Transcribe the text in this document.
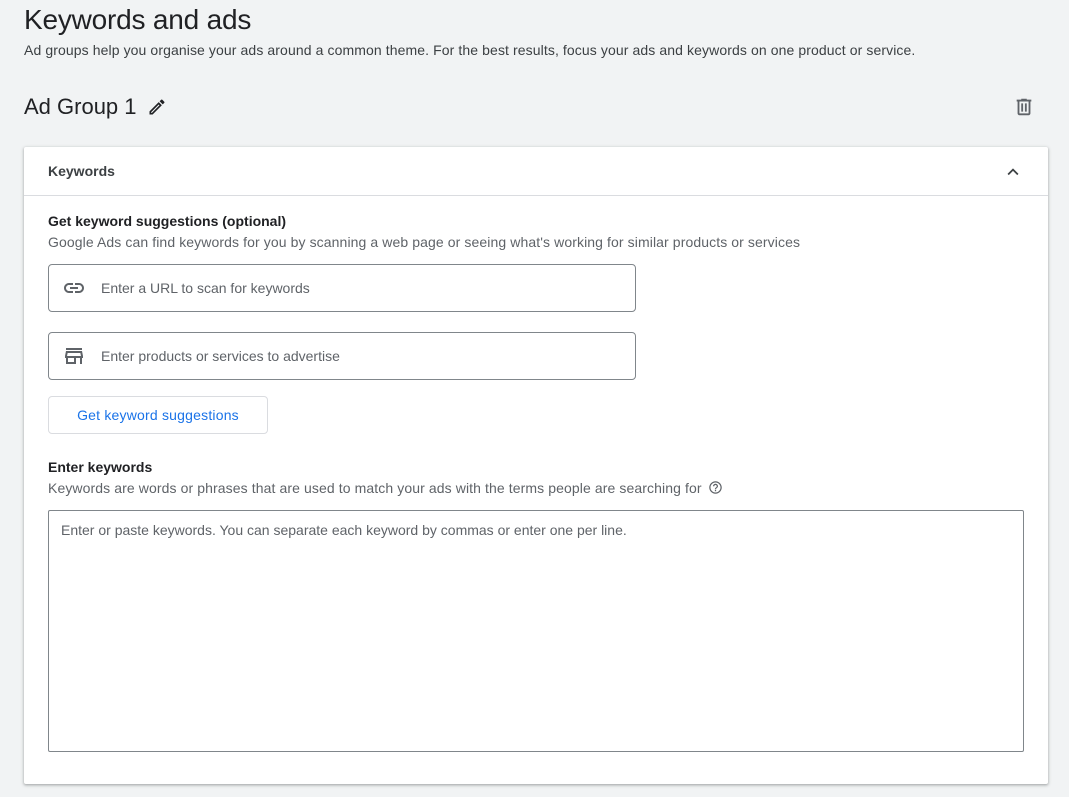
Keywords and ads

Ad groups help you organise your ads around a common theme. For the best results, focus your ads and keywords on one product or service.

Ad Group 1
Keywords
Get keyword suggestions (optional)
Google Ads can find keywords for you by scanning a web page or seeing what's working for similar products or services
Enter a URL to scan for keywords
Enter products or services to advertise
Get keyword suggestions
Enter keywords
Keywords are words or phrases that are used to match your ads with the terms people are searching for
Enter or paste keywords. You can separate each keyword by commas or enter one per line.
